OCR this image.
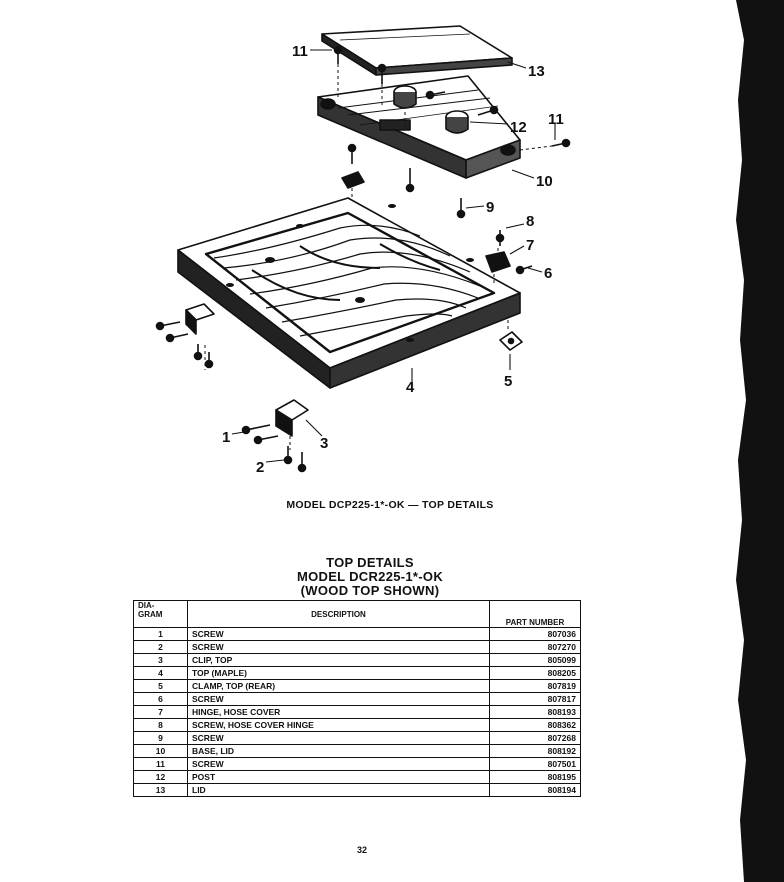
11
13
12 11
10
9
8
7
6
5
4
3
1
2
MODEL DCP225-1*-OK — TOP DETAILS
TOP DETAILS
MODEL DCR225-1*-OK
(WOOD TOP SHOWN)
DIA-
GRAM	DESCRIPTION	PART NUMBER
1	SCREW	807036
2	SCREW	807270
3	CLIP, TOP	805099
4	TOP (MAPLE)	808205
5	CLAMP, TOP (REAR)	807819
6	SCREW	807817
7	HINGE, HOSE COVER	808193
8	SCREW, HOSE COVER HINGE	808362
9	SCREW	807268
10	BASE, LID	808192
11	SCREW	807501
12	POST	808195
13	LID	808194
32
